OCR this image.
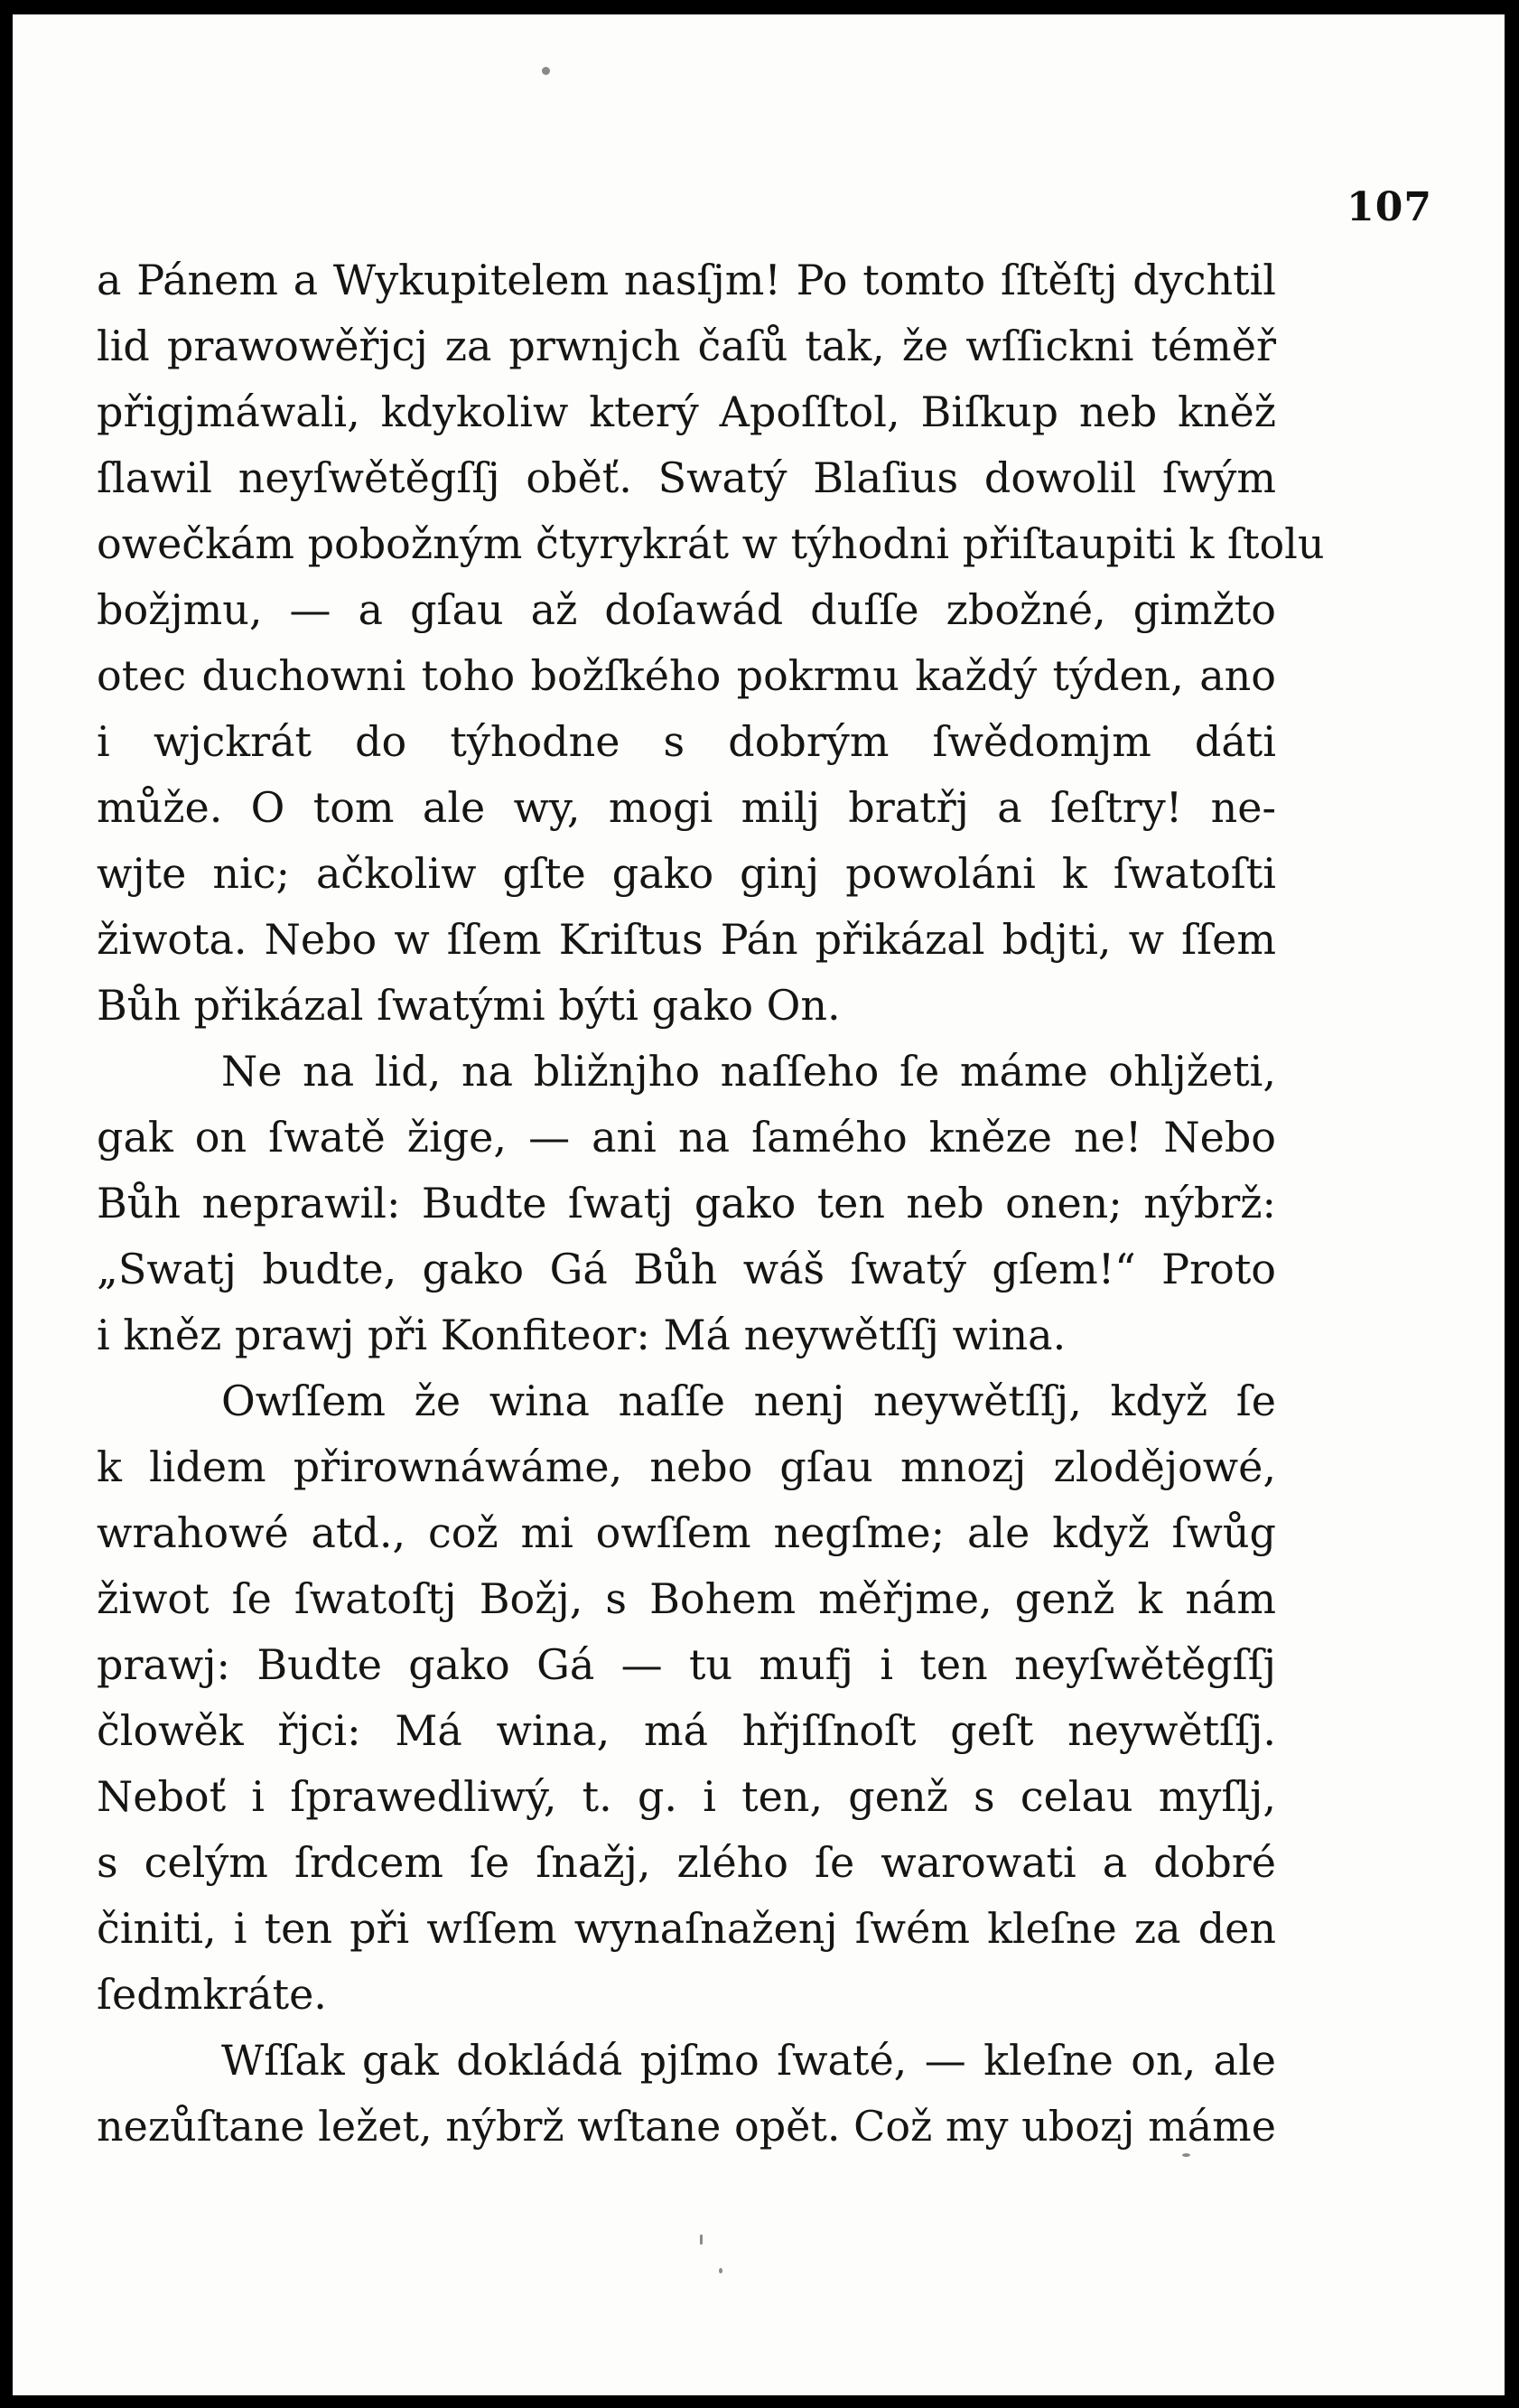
107
a Pánem a Wykupitelem nasſjm! Po tomto ſſtěſtj dychtil
lid prawowěřjcj za prwnjch čaſů tak, že wſſickni téměř
přigjmáwali, kdykoliw který Apoſſtol, Biſkup neb kněž
ſlawil neyſwětěgſſj oběť. Swatý Blaſius dowolil ſwým
owečkám pobožným čtyrykrát w týhodni přiſtaupiti k ſtolu
božjmu, — a gſau až doſawád duſſe zbožné, gimžto
otec duchowni toho božſkého pokrmu každý týden, ano
i wjckrát do týhodne s dobrým ſwědomjm dáti
může. O tom ale wy, mogi milj bratřj a ſeſtry! ne-
wjte nic; ačkoliw gſte gako ginj powoláni k ſwatoſti
žiwota. Nebo w ſſem Kriſtus Pán přikázal bdjti, w ſſem
Bůh přikázal ſwatými býti gako On.
Ne na lid, na bližnjho naſſeho ſe máme ohljžeti,
gak on ſwatě žige, — ani na ſamého kněze ne! Nebo
Bůh neprawil: Budte ſwatj gako ten neb onen; nýbrž:
„Swatj budte, gako Gá Bůh wáš ſwatý gſem!“ Proto
i kněz prawj při Konfiteor: Má neywětſſj wina.
Owſſem že wina naſſe nenj neywětſſj, když ſe
k lidem přirownáwáme, nebo gſau mnozj zlodějowé,
wrahowé atd., což mi owſſem negſme; ale když ſwůg
žiwot ſe ſwatoſtj Božj, s Bohem měřjme, genž k nám
prawj: Budte gako Gá — tu mufj i ten neyſwětěgſſj
člowěk řjci: Má wina, má hřjſſnoſt geſt neywětſſj.
Neboť i ſprawedliwý, t. g. i ten, genž s celau myſlj,
s celým ſrdcem ſe ſnažj, zlého ſe warowati a dobré
činiti, i ten při wſſem wynaſnaženj ſwém kleſne za den
ſedmkráte.
Wſſak gak dokládá pjſmo ſwaté, — kleſne on, ale
nezůſtane ležet, nýbrž wſtane opět. Což my ubozj máme
